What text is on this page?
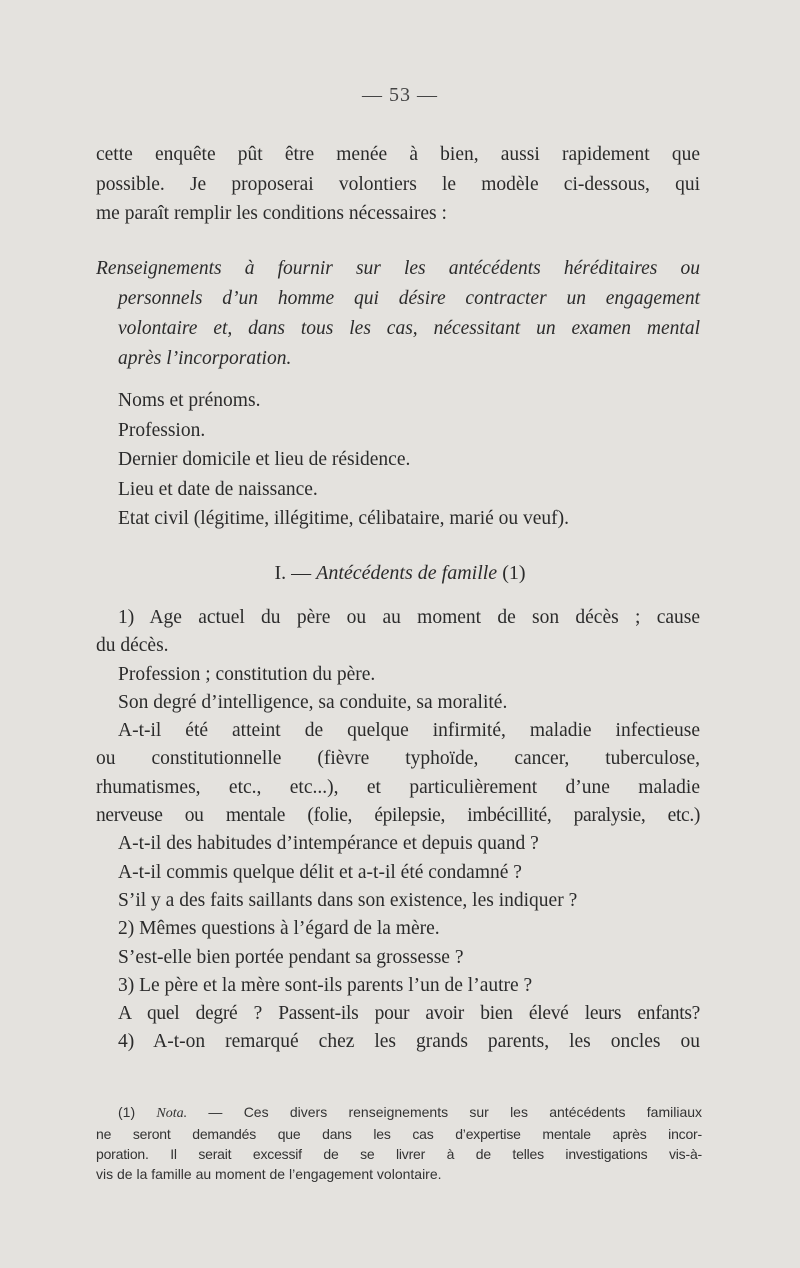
— 53 —
cette enquête pût être menée à bien, aussi rapidement que
possible. Je proposerai volontiers le modèle ci-dessous, qui
me paraît remplir les conditions nécessaires :
Renseignements à fournir sur les antécédents héréditaires ou
personnels d’un homme qui désire contracter un engagement
volontaire et, dans tous les cas, nécessitant un examen mental
après l’incorporation.
Noms et prénoms.
Profession.
Dernier domicile et lieu de résidence.
Lieu et date de naissance.
Etat civil (légitime, illégitime, célibataire, marié ou veuf).
I. — Antécédents de famille (1)
1) Age actuel du père ou au moment de son décès ; cause
du décès.
Profession ; constitution du père.
Son degré d’intelligence, sa conduite, sa moralité.
A-t-il été atteint de quelque infirmité, maladie infectieuse
ou constitutionnelle (fièvre typhoïde, cancer, tuberculose,
rhumatismes, etc., etc...), et particulièrement d’une maladie
nerveuse ou mentale (folie, épilepsie, imbécillité, paralysie, etc.)
A-t-il des habitudes d’intempérance et depuis quand ?
A-t-il commis quelque délit et a-t-il été condamné ?
S’il y a des faits saillants dans son existence, les indiquer ?
2) Mêmes questions à l’égard de la mère.
S’est-elle bien portée pendant sa grossesse ?
3) Le père et la mère sont-ils parents l’un de l’autre ?
A quel degré ? Passent-ils pour avoir bien élevé leurs enfants?
4) A-t-on remarqué chez les grands parents, les oncles ou
(1) Nota. — Ces divers renseignements sur les antécédents familiaux
ne seront demandés que dans les cas d’expertise mentale après incor-
poration. Il serait excessif de se livrer à de telles investigations vis-à-
vis de la famille au moment de l’engagement volontaire.
